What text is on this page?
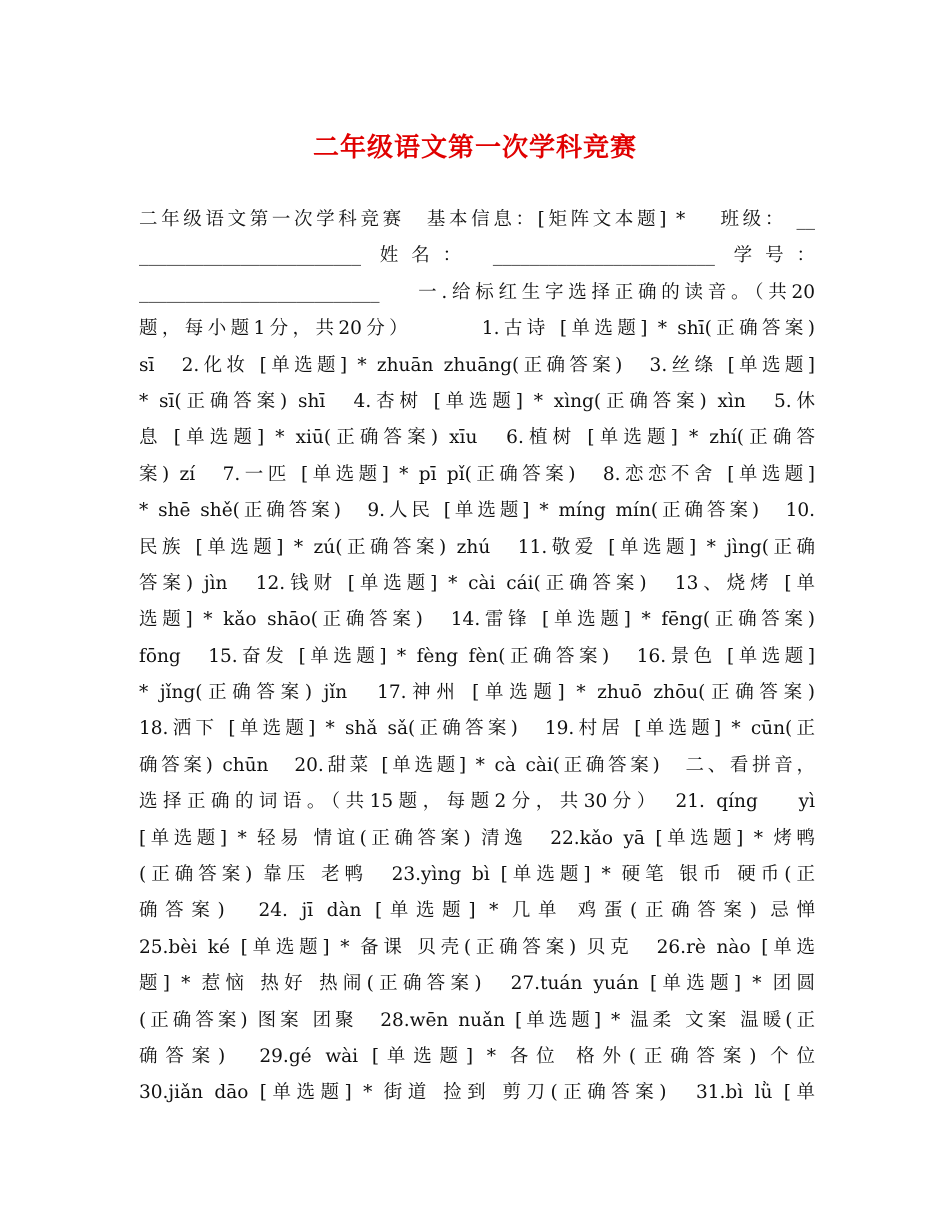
二年级语文第一次学科竞赛
二年级语文第一次学科竞赛　基本信息：[矩阵文本题] *　 班级： __
________________________ 姓名： ________________________ 学号：
__________________________　 一.给标红生字选择正确的读音。（共20
题，每小题1分，共20分）　　　 1.古诗 [单选题] * shī(正确答案)
sī　2.化妆 [单选题] * zhuān zhuāng(正确答案)　3.丝绦 [单选题]
* sī(正确答案) shī　4.杏树 [单选题] * xìng(正确答案) xìn　5.休
息 [单选题] * xiū(正确答案) xīu　6.植树 [单选题] * zhí(正确答
案) zí　7.一匹 [单选题] * pī pǐ(正确答案)　8.恋恋不舍 [单选题]
* shē shě(正确答案)　9.人民 [单选题] * míng mín(正确答案)　10.
民族 [单选题] * zú(正确答案) zhú　11.敬爱 [单选题] * jìng(正确
答案) jìn　12.钱财 [单选题] * cài cái(正确答案)　13、烧烤 [单
选题] * kǎo shāo(正确答案)　14.雷锋 [单选题] * fēng(正确答案)
fōng　15.奋发 [单选题] * fèng fèn(正确答案)　16.景色 [单选题]
* jǐng(正确答案) jǐn　17.神州 [单选题] * zhuō zhōu(正确答案)
18.洒下 [单选题] * shǎ sǎ(正确答案)　19.村居 [单选题] * cūn(正
确答案) chūn　20.甜菜 [单选题] * cà cài(正确答案)　二、看拼音，
选择正确的词语。（共15题，每题2分，共30分）　21. qíng　 yì
[单选题] * 轻易 情谊(正确答案) 清逸　22.kǎo yā [单选题] * 烤鸭
(正确答案) 靠压 老鸭　23.yìng bì [单选题] * 硬笔 银币 硬币(正
确答案)　24. jī dàn [单选题] * 几单 鸡蛋(正确答案) 忌惮
25.bèi ké [单选题] * 备课 贝壳(正确答案) 贝克　26.rè nào [单选
题] * 惹恼 热好 热闹(正确答案)　27.tuán yuán [单选题] * 团圆
(正确答案) 图案 团聚　28.wēn nuǎn [单选题] * 温柔 文案 温暖(正
确答案)　29.gé wài [单选题] * 各位 格外(正确答案) 个位
30.jiǎn dāo [单选题] * 街道 捡到 剪刀(正确答案)　31.bì lǜ [单
